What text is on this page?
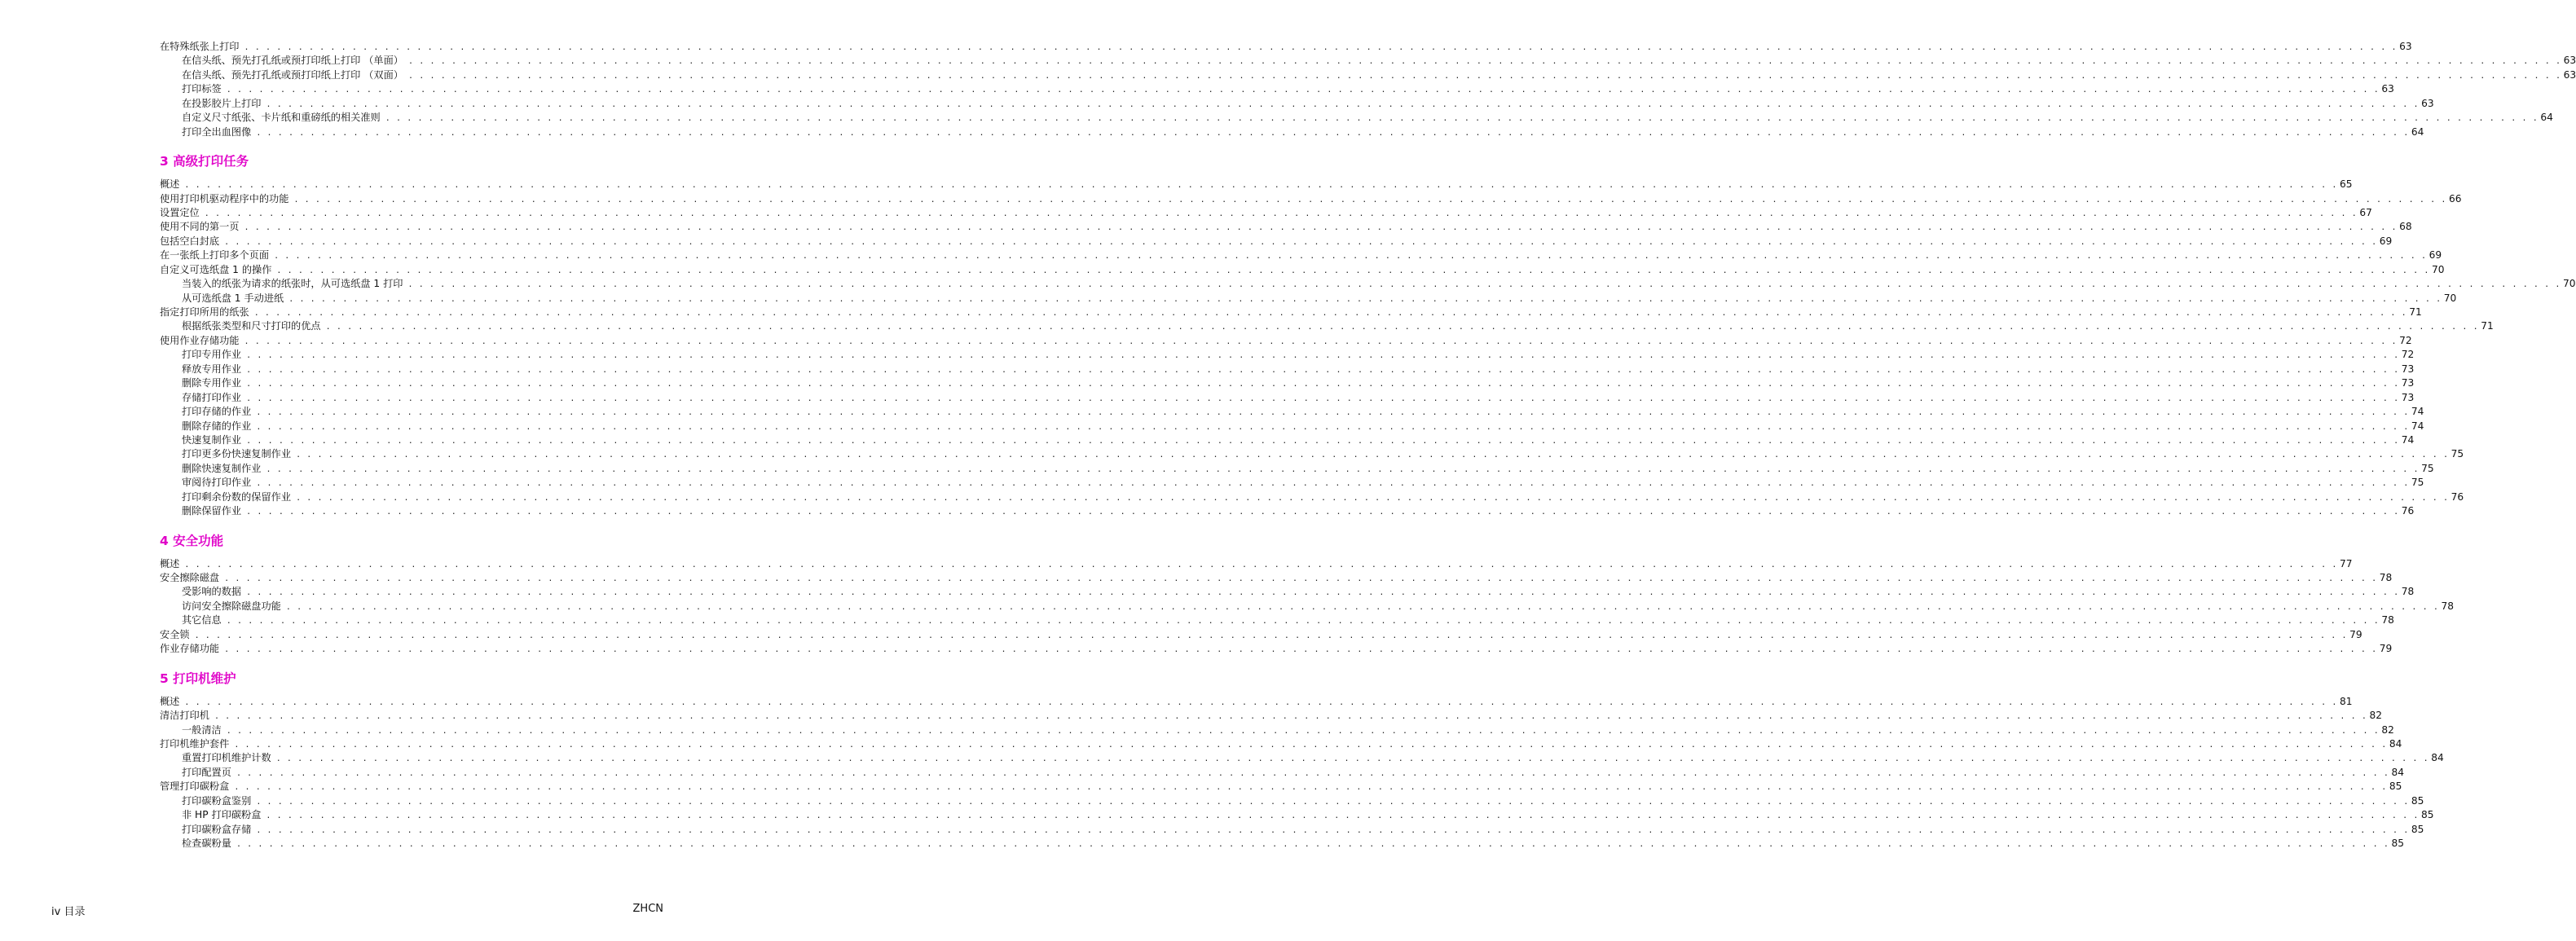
在特殊纸张上打印 . . . . . . . . . . . . . . . . . . . . . . . . . . . . . . . . . . . . . . . . . . . . . . . . . . . . . . . . . . . . . . . . . . . . . . . . . . . . . . . . . . . . . . . . . . . . . . . . . . . . . . . . . . . . . . . . . . . . . . . . . . . . . . . . . . . . . . . . . . . . . . . . . . . . . . . . . . . . . . . . . . . . . . . . . . . . . . . . . . . . . . . . . . . . . . . . . . . . . . . . 63
在信头纸、预先打孔纸或预打印纸上打印 （单面） . . . . . . . . . . . . . . . . . . . . . . . . . . . . . . . . . . . . . . . . . . . . . . . . . . . . . . . . . . . . . . . . . . . . . . . . . . . . . . . . . . . . . . . . . . . . . . . . . . . . . . . . . . . . . . . . . . . . . . . . . . . . . . . . . . . . . . . . . . . . . . . . . . . . . . . . . . . . . . . . . . . . . . . . . . . . . . . . . . . . . . . . . . . . . . . . . . . . . . . . 63
在信头纸、预先打孔纸或预打印纸上打印 （双面） . . . . . . . . . . . . . . . . . . . . . . . . . . . . . . . . . . . . . . . . . . . . . . . . . . . . . . . . . . . . . . . . . . . . . . . . . . . . . . . . . . . . . . . . . . . . . . . . . . . . . . . . . . . . . . . . . . . . . . . . . . . . . . . . . . . . . . . . . . . . . . . . . . . . . . . . . . . . . . . . . . . . . . . . . . . . . . . . . . . . . . . . . . . . . . . . . . . . . . . . 63
打印标签 . . . . . . . . . . . . . . . . . . . . . . . . . . . . . . . . . . . . . . . . . . . . . . . . . . . . . . . . . . . . . . . . . . . . . . . . . . . . . . . . . . . . . . . . . . . . . . . . . . . . . . . . . . . . . . . . . . . . . . . . . . . . . . . . . . . . . . . . . . . . . . . . . . . . . . . . . . . . . . . . . . . . . . . . . . . . . . . . . . . . . . . . . . . . . . . . . . . . . . . . 63
在投影胶片上打印 . . . . . . . . . . . . . . . . . . . . . . . . . . . . . . . . . . . . . . . . . . . . . . . . . . . . . . . . . . . . . . . . . . . . . . . . . . . . . . . . . . . . . . . . . . . . . . . . . . . . . . . . . . . . . . . . . . . . . . . . . . . . . . . . . . . . . . . . . . . . . . . . . . . . . . . . . . . . . . . . . . . . . . . . . . . . . . . . . . . . . . . . . . . . . . . . . . . . . . . . 63
自定义尺寸纸张、卡片纸和重磅纸的相关准则 . . . . . . . . . . . . . . . . . . . . . . . . . . . . . . . . . . . . . . . . . . . . . . . . . . . . . . . . . . . . . . . . . . . . . . . . . . . . . . . . . . . . . . . . . . . . . . . . . . . . . . . . . . . . . . . . . . . . . . . . . . . . . . . . . . . . . . . . . . . . . . . . . . . . . . . . . . . . . . . . . . . . . . . . . . . . . . . . . . . . . . . . . . . . . . . . . . . . . . . . 64
打印全出血图像 . . . . . . . . . . . . . . . . . . . . . . . . . . . . . . . . . . . . . . . . . . . . . . . . . . . . . . . . . . . . . . . . . . . . . . . . . . . . . . . . . . . . . . . . . . . . . . . . . . . . . . . . . . . . . . . . . . . . . . . . . . . . . . . . . . . . . . . . . . . . . . . . . . . . . . . . . . . . . . . . . . . . . . . . . . . . . . . . . . . . . . . . . . . . . . . . . . . . . . . . 64
3 高级打印任务
概述 . . . . . . . . . . . . . . . . . . . . . . . . . . . . . . . . . . . . . . . . . . . . . . . . . . . . . . . . . . . . . . . . . . . . . . . . . . . . . . . . . . . . . . . . . . . . . . . . . . . . . . . . . . . . . . . . . . . . . . . . . . . . . . . . . . . . . . . . . . . . . . . . . . . . . . . . . . . . . . . . . . . . . . . . . . . . . . . . . . . . . . . . . . . . . . . . . . . . . . . . 65
使用打印机驱动程序中的功能 . . . . . . . . . . . . . . . . . . . . . . . . . . . . . . . . . . . . . . . . . . . . . . . . . . . . . . . . . . . . . . . . . . . . . . . . . . . . . . . . . . . . . . . . . . . . . . . . . . . . . . . . . . . . . . . . . . . . . . . . . . . . . . . . . . . . . . . . . . . . . . . . . . . . . . . . . . . . . . . . . . . . . . . . . . . . . . . . . . . . . . . . . . . . . . . . . . . . . . . . 66
设置定位 . . . . . . . . . . . . . . . . . . . . . . . . . . . . . . . . . . . . . . . . . . . . . . . . . . . . . . . . . . . . . . . . . . . . . . . . . . . . . . . . . . . . . . . . . . . . . . . . . . . . . . . . . . . . . . . . . . . . . . . . . . . . . . . . . . . . . . . . . . . . . . . . . . . . . . . . . . . . . . . . . . . . . . . . . . . . . . . . . . . . . . . . . . . . . . . . . . . . . . . . 67
使用不同的第一页 . . . . . . . . . . . . . . . . . . . . . . . . . . . . . . . . . . . . . . . . . . . . . . . . . . . . . . . . . . . . . . . . . . . . . . . . . . . . . . . . . . . . . . . . . . . . . . . . . . . . . . . . . . . . . . . . . . . . . . . . . . . . . . . . . . . . . . . . . . . . . . . . . . . . . . . . . . . . . . . . . . . . . . . . . . . . . . . . . . . . . . . . . . . . . . . . . . . . . . . . 68
包括空白封底 . . . . . . . . . . . . . . . . . . . . . . . . . . . . . . . . . . . . . . . . . . . . . . . . . . . . . . . . . . . . . . . . . . . . . . . . . . . . . . . . . . . . . . . . . . . . . . . . . . . . . . . . . . . . . . . . . . . . . . . . . . . . . . . . . . . . . . . . . . . . . . . . . . . . . . . . . . . . . . . . . . . . . . . . . . . . . . . . . . . . . . . . . . . . . . . . . . . . . . . . 69
在一张纸上打印多个页面 . . . . . . . . . . . . . . . . . . . . . . . . . . . . . . . . . . . . . . . . . . . . . . . . . . . . . . . . . . . . . . . . . . . . . . . . . . . . . . . . . . . . . . . . . . . . . . . . . . . . . . . . . . . . . . . . . . . . . . . . . . . . . . . . . . . . . . . . . . . . . . . . . . . . . . . . . . . . . . . . . . . . . . . . . . . . . . . . . . . . . . . . . . . . . . . . . . . . . . . . 69
自定义可选纸盘 1 的操作 . . . . . . . . . . . . . . . . . . . . . . . . . . . . . . . . . . . . . . . . . . . . . . . . . . . . . . . . . . . . . . . . . . . . . . . . . . . . . . . . . . . . . . . . . . . . . . . . . . . . . . . . . . . . . . . . . . . . . . . . . . . . . . . . . . . . . . . . . . . . . . . . . . . . . . . . . . . . . . . . . . . . . . . . . . . . . . . . . . . . . . . . . . . . . . . . . . . . . . . . 70
当装入的纸张为请求的纸张时，从可选纸盘 1 打印 . . . . . . . . . . . . . . . . . . . . . . . . . . . . . . . . . . . . . . . . . . . . . . . . . . . . . . . . . . . . . . . . . . . . . . . . . . . . . . . . . . . . . . . . . . . . . . . . . . . . . . . . . . . . . . . . . . . . . . . . . . . . . . . . . . . . . . . . . . . . . . . . . . . . . . . . . . . . . . . . . . . . . . . . . . . . . . . . . . . . . . . . . . . . . . . . . . . . . . . . 70
从可选纸盘 1 手动进纸 . . . . . . . . . . . . . . . . . . . . . . . . . . . . . . . . . . . . . . . . . . . . . . . . . . . . . . . . . . . . . . . . . . . . . . . . . . . . . . . . . . . . . . . . . . . . . . . . . . . . . . . . . . . . . . . . . . . . . . . . . . . . . . . . . . . . . . . . . . . . . . . . . . . . . . . . . . . . . . . . . . . . . . . . . . . . . . . . . . . . . . . . . . . . . . . . . . . . . . . . 70
指定打印所用的纸张 . . . . . . . . . . . . . . . . . . . . . . . . . . . . . . . . . . . . . . . . . . . . . . . . . . . . . . . . . . . . . . . . . . . . . . . . . . . . . . . . . . . . . . . . . . . . . . . . . . . . . . . . . . . . . . . . . . . . . . . . . . . . . . . . . . . . . . . . . . . . . . . . . . . . . . . . . . . . . . . . . . . . . . . . . . . . . . . . . . . . . . . . . . . . . . . . . . . . . . . . 71
根据纸张类型和尺寸打印的优点 . . . . . . . . . . . . . . . . . . . . . . . . . . . . . . . . . . . . . . . . . . . . . . . . . . . . . . . . . . . . . . . . . . . . . . . . . . . . . . . . . . . . . . . . . . . . . . . . . . . . . . . . . . . . . . . . . . . . . . . . . . . . . . . . . . . . . . . . . . . . . . . . . . . . . . . . . . . . . . . . . . . . . . . . . . . . . . . . . . . . . . . . . . . . . . . . . . . . . . . . 71
使用作业存储功能 . . . . . . . . . . . . . . . . . . . . . . . . . . . . . . . . . . . . . . . . . . . . . . . . . . . . . . . . . . . . . . . . . . . . . . . . . . . . . . . . . . . . . . . . . . . . . . . . . . . . . . . . . . . . . . . . . . . . . . . . . . . . . . . . . . . . . . . . . . . . . . . . . . . . . . . . . . . . . . . . . . . . . . . . . . . . . . . . . . . . . . . . . . . . . . . . . . . . . . . . 72
打印专用作业 . . . . . . . . . . . . . . . . . . . . . . . . . . . . . . . . . . . . . . . . . . . . . . . . . . . . . . . . . . . . . . . . . . . . . . . . . . . . . . . . . . . . . . . . . . . . . . . . . . . . . . . . . . . . . . . . . . . . . . . . . . . . . . . . . . . . . . . . . . . . . . . . . . . . . . . . . . . . . . . . . . . . . . . . . . . . . . . . . . . . . . . . . . . . . . . . . . . . . . . . 72
释放专用作业 . . . . . . . . . . . . . . . . . . . . . . . . . . . . . . . . . . . . . . . . . . . . . . . . . . . . . . . . . . . . . . . . . . . . . . . . . . . . . . . . . . . . . . . . . . . . . . . . . . . . . . . . . . . . . . . . . . . . . . . . . . . . . . . . . . . . . . . . . . . . . . . . . . . . . . . . . . . . . . . . . . . . . . . . . . . . . . . . . . . . . . . . . . . . . . . . . . . . . . . . 73
删除专用作业 . . . . . . . . . . . . . . . . . . . . . . . . . . . . . . . . . . . . . . . . . . . . . . . . . . . . . . . . . . . . . . . . . . . . . . . . . . . . . . . . . . . . . . . . . . . . . . . . . . . . . . . . . . . . . . . . . . . . . . . . . . . . . . . . . . . . . . . . . . . . . . . . . . . . . . . . . . . . . . . . . . . . . . . . . . . . . . . . . . . . . . . . . . . . . . . . . . . . . . . . 73
存储打印作业 . . . . . . . . . . . . . . . . . . . . . . . . . . . . . . . . . . . . . . . . . . . . . . . . . . . . . . . . . . . . . . . . . . . . . . . . . . . . . . . . . . . . . . . . . . . . . . . . . . . . . . . . . . . . . . . . . . . . . . . . . . . . . . . . . . . . . . . . . . . . . . . . . . . . . . . . . . . . . . . . . . . . . . . . . . . . . . . . . . . . . . . . . . . . . . . . . . . . . . . . 73
打印存储的作业 . . . . . . . . . . . . . . . . . . . . . . . . . . . . . . . . . . . . . . . . . . . . . . . . . . . . . . . . . . . . . . . . . . . . . . . . . . . . . . . . . . . . . . . . . . . . . . . . . . . . . . . . . . . . . . . . . . . . . . . . . . . . . . . . . . . . . . . . . . . . . . . . . . . . . . . . . . . . . . . . . . . . . . . . . . . . . . . . . . . . . . . . . . . . . . . . . . . . . . . . 74
删除存储的作业 . . . . . . . . . . . . . . . . . . . . . . . . . . . . . . . . . . . . . . . . . . . . . . . . . . . . . . . . . . . . . . . . . . . . . . . . . . . . . . . . . . . . . . . . . . . . . . . . . . . . . . . . . . . . . . . . . . . . . . . . . . . . . . . . . . . . . . . . . . . . . . . . . . . . . . . . . . . . . . . . . . . . . . . . . . . . . . . . . . . . . . . . . . . . . . . . . . . . . . . . 74
快速复制作业 . . . . . . . . . . . . . . . . . . . . . . . . . . . . . . . . . . . . . . . . . . . . . . . . . . . . . . . . . . . . . . . . . . . . . . . . . . . . . . . . . . . . . . . . . . . . . . . . . . . . . . . . . . . . . . . . . . . . . . . . . . . . . . . . . . . . . . . . . . . . . . . . . . . . . . . . . . . . . . . . . . . . . . . . . . . . . . . . . . . . . . . . . . . . . . . . . . . . . . . . 74
打印更多份快速复制作业 . . . . . . . . . . . . . . . . . . . . . . . . . . . . . . . . . . . . . . . . . . . . . . . . . . . . . . . . . . . . . . . . . . . . . . . . . . . . . . . . . . . . . . . . . . . . . . . . . . . . . . . . . . . . . . . . . . . . . . . . . . . . . . . . . . . . . . . . . . . . . . . . . . . . . . . . . . . . . . . . . . . . . . . . . . . . . . . . . . . . . . . . . . . . . . . . . . . . . . . . 75
删除快速复制作业 . . . . . . . . . . . . . . . . . . . . . . . . . . . . . . . . . . . . . . . . . . . . . . . . . . . . . . . . . . . . . . . . . . . . . . . . . . . . . . . . . . . . . . . . . . . . . . . . . . . . . . . . . . . . . . . . . . . . . . . . . . . . . . . . . . . . . . . . . . . . . . . . . . . . . . . . . . . . . . . . . . . . . . . . . . . . . . . . . . . . . . . . . . . . . . . . . . . . . . . . 75
审阅待打印作业 . . . . . . . . . . . . . . . . . . . . . . . . . . . . . . . . . . . . . . . . . . . . . . . . . . . . . . . . . . . . . . . . . . . . . . . . . . . . . . . . . . . . . . . . . . . . . . . . . . . . . . . . . . . . . . . . . . . . . . . . . . . . . . . . . . . . . . . . . . . . . . . . . . . . . . . . . . . . . . . . . . . . . . . . . . . . . . . . . . . . . . . . . . . . . . . . . . . . . . . . 75
打印剩余份数的保留作业 . . . . . . . . . . . . . . . . . . . . . . . . . . . . . . . . . . . . . . . . . . . . . . . . . . . . . . . . . . . . . . . . . . . . . . . . . . . . . . . . . . . . . . . . . . . . . . . . . . . . . . . . . . . . . . . . . . . . . . . . . . . . . . . . . . . . . . . . . . . . . . . . . . . . . . . . . . . . . . . . . . . . . . . . . . . . . . . . . . . . . . . . . . . . . . . . . . . . . . . . 76
删除保留作业 . . . . . . . . . . . . . . . . . . . . . . . . . . . . . . . . . . . . . . . . . . . . . . . . . . . . . . . . . . . . . . . . . . . . . . . . . . . . . . . . . . . . . . . . . . . . . . . . . . . . . . . . . . . . . . . . . . . . . . . . . . . . . . . . . . . . . . . . . . . . . . . . . . . . . . . . . . . . . . . . . . . . . . . . . . . . . . . . . . . . . . . . . . . . . . . . . . . . . . . . 76
4 安全功能
概述 . . . . . . . . . . . . . . . . . . . . . . . . . . . . . . . . . . . . . . . . . . . . . . . . . . . . . . . . . . . . . . . . . . . . . . . . . . . . . . . . . . . . . . . . . . . . . . . . . . . . . . . . . . . . . . . . . . . . . . . . . . . . . . . . . . . . . . . . . . . . . . . . . . . . . . . . . . . . . . . . . . . . . . . . . . . . . . . . . . . . . . . . . . . . . . . . . . . . . . . . 77
安全擦除磁盘 . . . . . . . . . . . . . . . . . . . . . . . . . . . . . . . . . . . . . . . . . . . . . . . . . . . . . . . . . . . . . . . . . . . . . . . . . . . . . . . . . . . . . . . . . . . . . . . . . . . . . . . . . . . . . . . . . . . . . . . . . . . . . . . . . . . . . . . . . . . . . . . . . . . . . . . . . . . . . . . . . . . . . . . . . . . . . . . . . . . . . . . . . . . . . . . . . . . . . . . . 78
受影响的数据 . . . . . . . . . . . . . . . . . . . . . . . . . . . . . . . . . . . . . . . . . . . . . . . . . . . . . . . . . . . . . . . . . . . . . . . . . . . . . . . . . . . . . . . . . . . . . . . . . . . . . . . . . . . . . . . . . . . . . . . . . . . . . . . . . . . . . . . . . . . . . . . . . . . . . . . . . . . . . . . . . . . . . . . . . . . . . . . . . . . . . . . . . . . . . . . . . . . . . . . . 78
访问安全擦除磁盘功能 . . . . . . . . . . . . . . . . . . . . . . . . . . . . . . . . . . . . . . . . . . . . . . . . . . . . . . . . . . . . . . . . . . . . . . . . . . . . . . . . . . . . . . . . . . . . . . . . . . . . . . . . . . . . . . . . . . . . . . . . . . . . . . . . . . . . . . . . . . . . . . . . . . . . . . . . . . . . . . . . . . . . . . . . . . . . . . . . . . . . . . . . . . . . . . . . . . . . . . . . 78
其它信息 . . . . . . . . . . . . . . . . . . . . . . . . . . . . . . . . . . . . . . . . . . . . . . . . . . . . . . . . . . . . . . . . . . . . . . . . . . . . . . . . . . . . . . . . . . . . . . . . . . . . . . . . . . . . . . . . . . . . . . . . . . . . . . . . . . . . . . . . . . . . . . . . . . . . . . . . . . . . . . . . . . . . . . . . . . . . . . . . . . . . . . . . . . . . . . . . . . . . . . . . 78
安全锁 . . . . . . . . . . . . . . . . . . . . . . . . . . . . . . . . . . . . . . . . . . . . . . . . . . . . . . . . . . . . . . . . . . . . . . . . . . . . . . . . . . . . . . . . . . . . . . . . . . . . . . . . . . . . . . . . . . . . . . . . . . . . . . . . . . . . . . . . . . . . . . . . . . . . . . . . . . . . . . . . . . . . . . . . . . . . . . . . . . . . . . . . . . . . . . . . . . . . . . . . 79
作业存储功能 . . . . . . . . . . . . . . . . . . . . . . . . . . . . . . . . . . . . . . . . . . . . . . . . . . . . . . . . . . . . . . . . . . . . . . . . . . . . . . . . . . . . . . . . . . . . . . . . . . . . . . . . . . . . . . . . . . . . . . . . . . . . . . . . . . . . . . . . . . . . . . . . . . . . . . . . . . . . . . . . . . . . . . . . . . . . . . . . . . . . . . . . . . . . . . . . . . . . . . . . 79
5 打印机维护
概述 . . . . . . . . . . . . . . . . . . . . . . . . . . . . . . . . . . . . . . . . . . . . . . . . . . . . . . . . . . . . . . . . . . . . . . . . . . . . . . . . . . . . . . . . . . . . . . . . . . . . . . . . . . . . . . . . . . . . . . . . . . . . . . . . . . . . . . . . . . . . . . . . . . . . . . . . . . . . . . . . . . . . . . . . . . . . . . . . . . . . . . . . . . . . . . . . . . . . . . . . 81
清洁打印机 . . . . . . . . . . . . . . . . . . . . . . . . . . . . . . . . . . . . . . . . . . . . . . . . . . . . . . . . . . . . . . . . . . . . . . . . . . . . . . . . . . . . . . . . . . . . . . . . . . . . . . . . . . . . . . . . . . . . . . . . . . . . . . . . . . . . . . . . . . . . . . . . . . . . . . . . . . . . . . . . . . . . . . . . . . . . . . . . . . . . . . . . . . . . . . . . . . . . . . . . 82
一般清洁 . . . . . . . . . . . . . . . . . . . . . . . . . . . . . . . . . . . . . . . . . . . . . . . . . . . . . . . . . . . . . . . . . . . . . . . . . . . . . . . . . . . . . . . . . . . . . . . . . . . . . . . . . . . . . . . . . . . . . . . . . . . . . . . . . . . . . . . . . . . . . . . . . . . . . . . . . . . . . . . . . . . . . . . . . . . . . . . . . . . . . . . . . . . . . . . . . . . . . . . . 82
打印机维护套件 . . . . . . . . . . . . . . . . . . . . . . . . . . . . . . . . . . . . . . . . . . . . . . . . . . . . . . . . . . . . . . . . . . . . . . . . . . . . . . . . . . . . . . . . . . . . . . . . . . . . . . . . . . . . . . . . . . . . . . . . . . . . . . . . . . . . . . . . . . . . . . . . . . . . . . . . . . . . . . . . . . . . . . . . . . . . . . . . . . . . . . . . . . . . . . . . . . . . . . . . 84
重置打印机维护计数 . . . . . . . . . . . . . . . . . . . . . . . . . . . . . . . . . . . . . . . . . . . . . . . . . . . . . . . . . . . . . . . . . . . . . . . . . . . . . . . . . . . . . . . . . . . . . . . . . . . . . . . . . . . . . . . . . . . . . . . . . . . . . . . . . . . . . . . . . . . . . . . . . . . . . . . . . . . . . . . . . . . . . . . . . . . . . . . . . . . . . . . . . . . . . . . . . . . . . . . . 84
打印配置页 . . . . . . . . . . . . . . . . . . . . . . . . . . . . . . . . . . . . . . . . . . . . . . . . . . . . . . . . . . . . . . . . . . . . . . . . . . . . . . . . . . . . . . . . . . . . . . . . . . . . . . . . . . . . . . . . . . . . . . . . . . . . . . . . . . . . . . . . . . . . . . . . . . . . . . . . . . . . . . . . . . . . . . . . . . . . . . . . . . . . . . . . . . . . . . . . . . . . . . . . 84
管理打印碳粉盒 . . . . . . . . . . . . . . . . . . . . . . . . . . . . . . . . . . . . . . . . . . . . . . . . . . . . . . . . . . . . . . . . . . . . . . . . . . . . . . . . . . . . . . . . . . . . . . . . . . . . . . . . . . . . . . . . . . . . . . . . . . . . . . . . . . . . . . . . . . . . . . . . . . . . . . . . . . . . . . . . . . . . . . . . . . . . . . . . . . . . . . . . . . . . . . . . . . . . . . . . 85
打印碳粉盒鉴别 . . . . . . . . . . . . . . . . . . . . . . . . . . . . . . . . . . . . . . . . . . . . . . . . . . . . . . . . . . . . . . . . . . . . . . . . . . . . . . . . . . . . . . . . . . . . . . . . . . . . . . . . . . . . . . . . . . . . . . . . . . . . . . . . . . . . . . . . . . . . . . . . . . . . . . . . . . . . . . . . . . . . . . . . . . . . . . . . . . . . . . . . . . . . . . . . . . . . . . . . 85
非 HP 打印碳粉盒 . . . . . . . . . . . . . . . . . . . . . . . . . . . . . . . . . . . . . . . . . . . . . . . . . . . . . . . . . . . . . . . . . . . . . . . . . . . . . . . . . . . . . . . . . . . . . . . . . . . . . . . . . . . . . . . . . . . . . . . . . . . . . . . . . . . . . . . . . . . . . . . . . . . . . . . . . . . . . . . . . . . . . . . . . . . . . . . . . . . . . . . . . . . . . . . . . . . . . . . . 85
打印碳粉盒存储 . . . . . . . . . . . . . . . . . . . . . . . . . . . . . . . . . . . . . . . . . . . . . . . . . . . . . . . . . . . . . . . . . . . . . . . . . . . . . . . . . . . . . . . . . . . . . . . . . . . . . . . . . . . . . . . . . . . . . . . . . . . . . . . . . . . . . . . . . . . . . . . . . . . . . . . . . . . . . . . . . . . . . . . . . . . . . . . . . . . . . . . . . . . . . . . . . . . . . . . . 85
检查碳粉量 . . . . . . . . . . . . . . . . . . . . . . . . . . . . . . . . . . . . . . . . . . . . . . . . . . . . . . . . . . . . . . . . . . . . . . . . . . . . . . . . . . . . . . . . . . . . . . . . . . . . . . . . . . . . . . . . . . . . . . . . . . . . . . . . . . . . . . . . . . . . . . . . . . . . . . . . . . . . . . . . . . . . . . . . . . . . . . . . . . . . . . . . . . . . . . . . . . . . . . . . 85
iv 目录	ZHCN
